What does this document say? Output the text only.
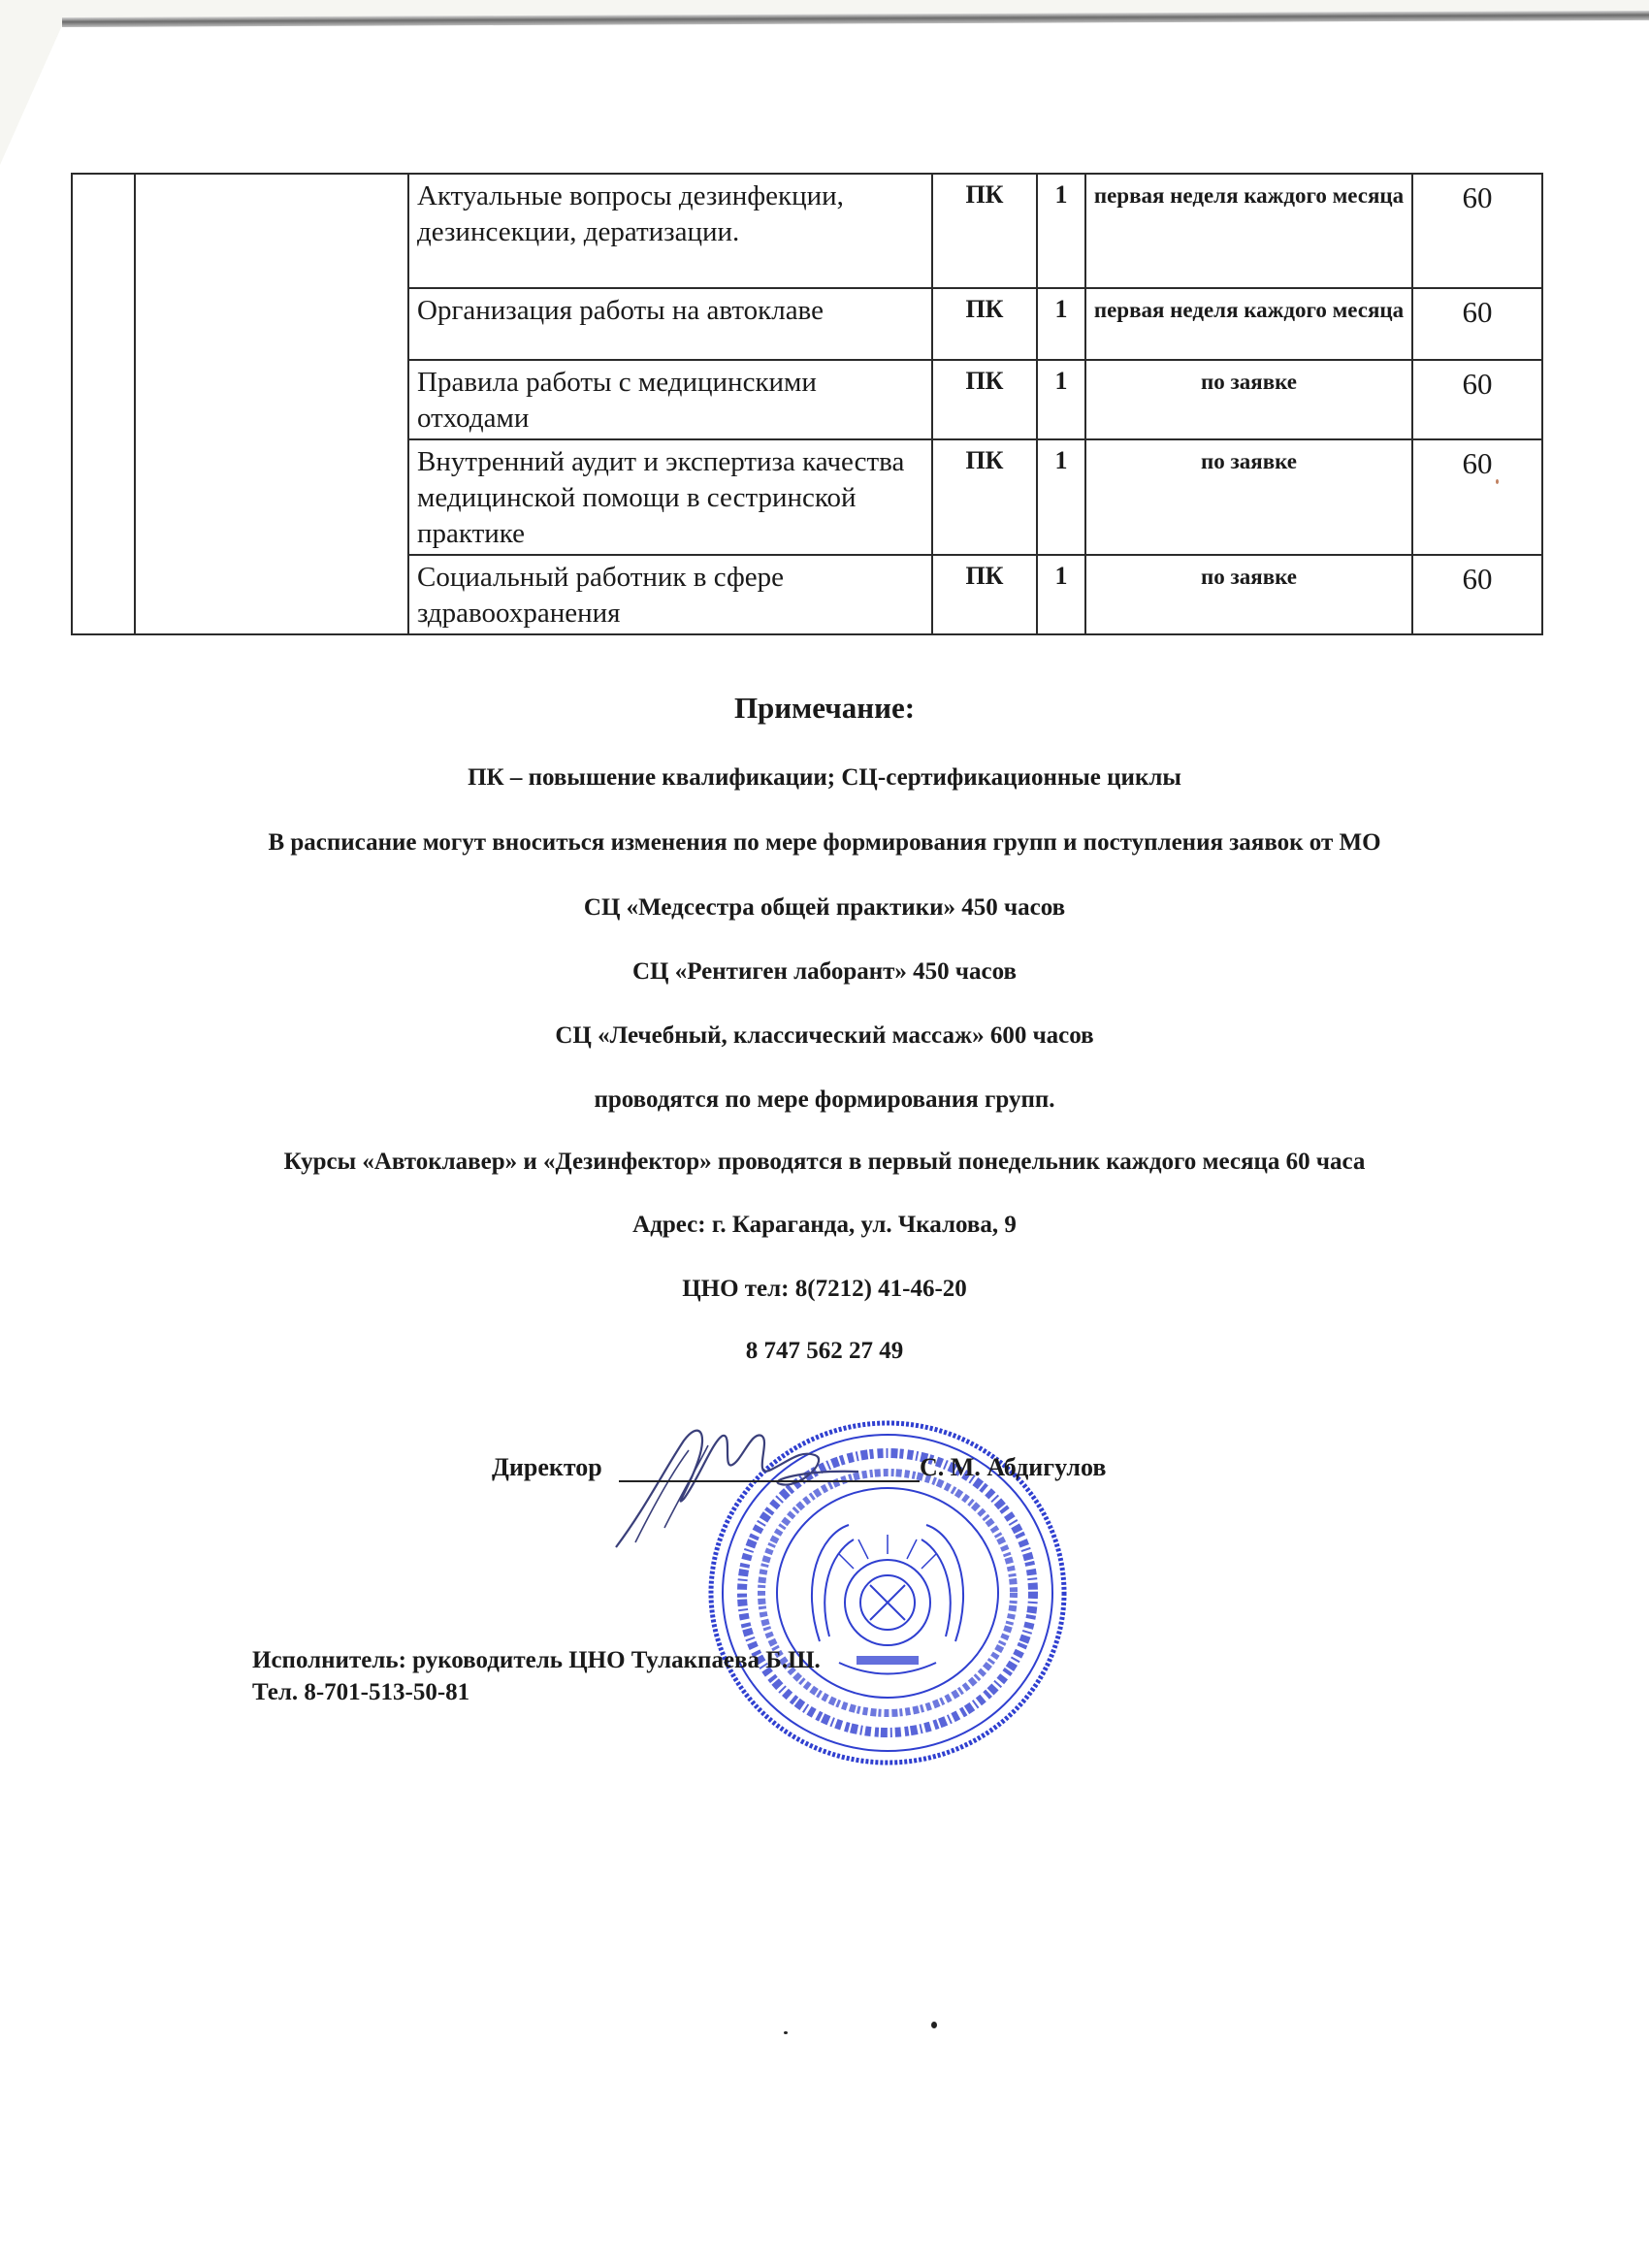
		Актуальные вопросы дезинфекции, дезинсекции, дератизации.	ПК	1	первая неделя каждого месяца	60
		Организация работы на автоклаве	ПК	1	первая неделя каждого месяца	60
		Правила работы с медицинскими отходами	ПК	1	по заявке	60
		Внутренний аудит и экспертиза качества медицинской помощи в сестринской практике	ПК	1	по заявке	60
		Социальный работник в сфере здравоохранения	ПК	1	по заявке	60
Примечание:

ПК – повышение квалификации; СЦ-сертификационные циклы

В расписание могут вноситься изменения по мере формирования групп и поступления заявок от МО

СЦ «Медсестра общей практики» 450 часов

СЦ «Рентиген лаборант» 450 часов

СЦ «Лечебный, классический массаж» 600 часов

проводятся по мере формирования групп.

Курсы «Автоклавер» и «Дезинфектор» проводятся в первый понедельник каждого месяца 60 часа

Адрес: г. Караганда, ул. Чкалова, 9

ЦНО тел: 8(7212) 41-46-20

8 747 562 27 49

Директор	С. М. Абдигулов
Исполнитель: руководитель ЦНО Тулакпаева Б.Ш.
Тел. 8-701-513-50-81
